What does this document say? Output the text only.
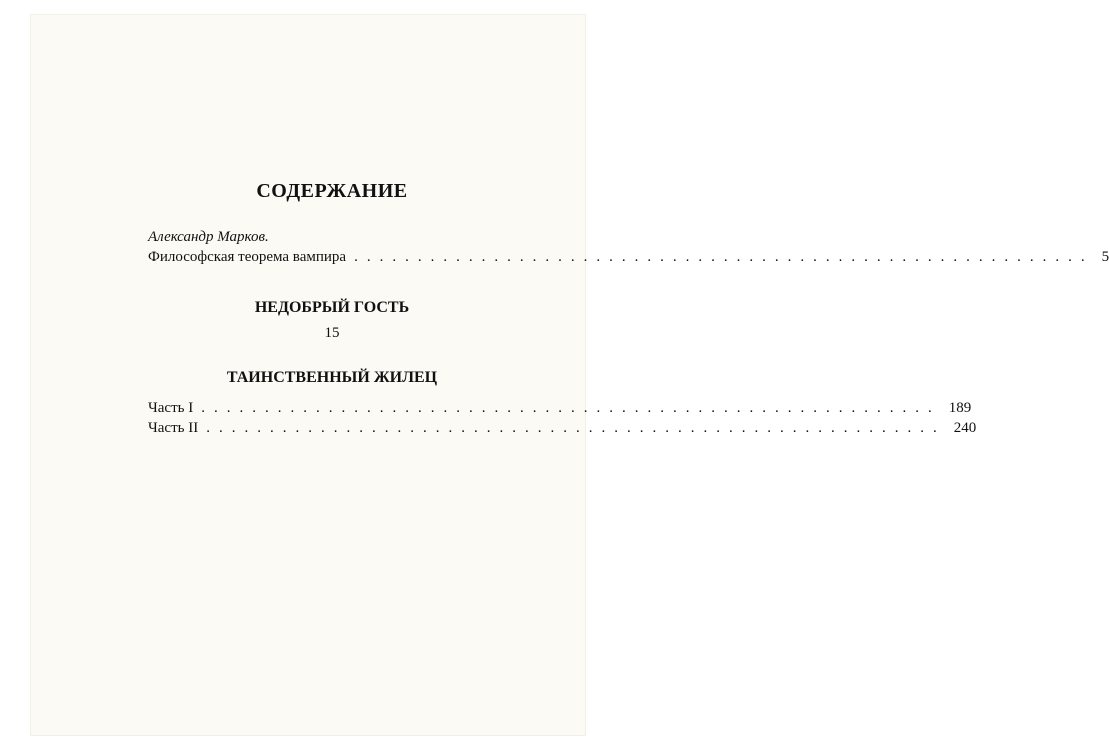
СОДЕРЖАНИЕ
Александр Марков.
Философская теорема вампира .......................................................... 5
НЕДОБРЫЙ ГОСТЬ
15
ТАИНСТВЕННЫЙ ЖИЛЕЦ
Часть I .......................................................... 189
Часть II .......................................................... 240
